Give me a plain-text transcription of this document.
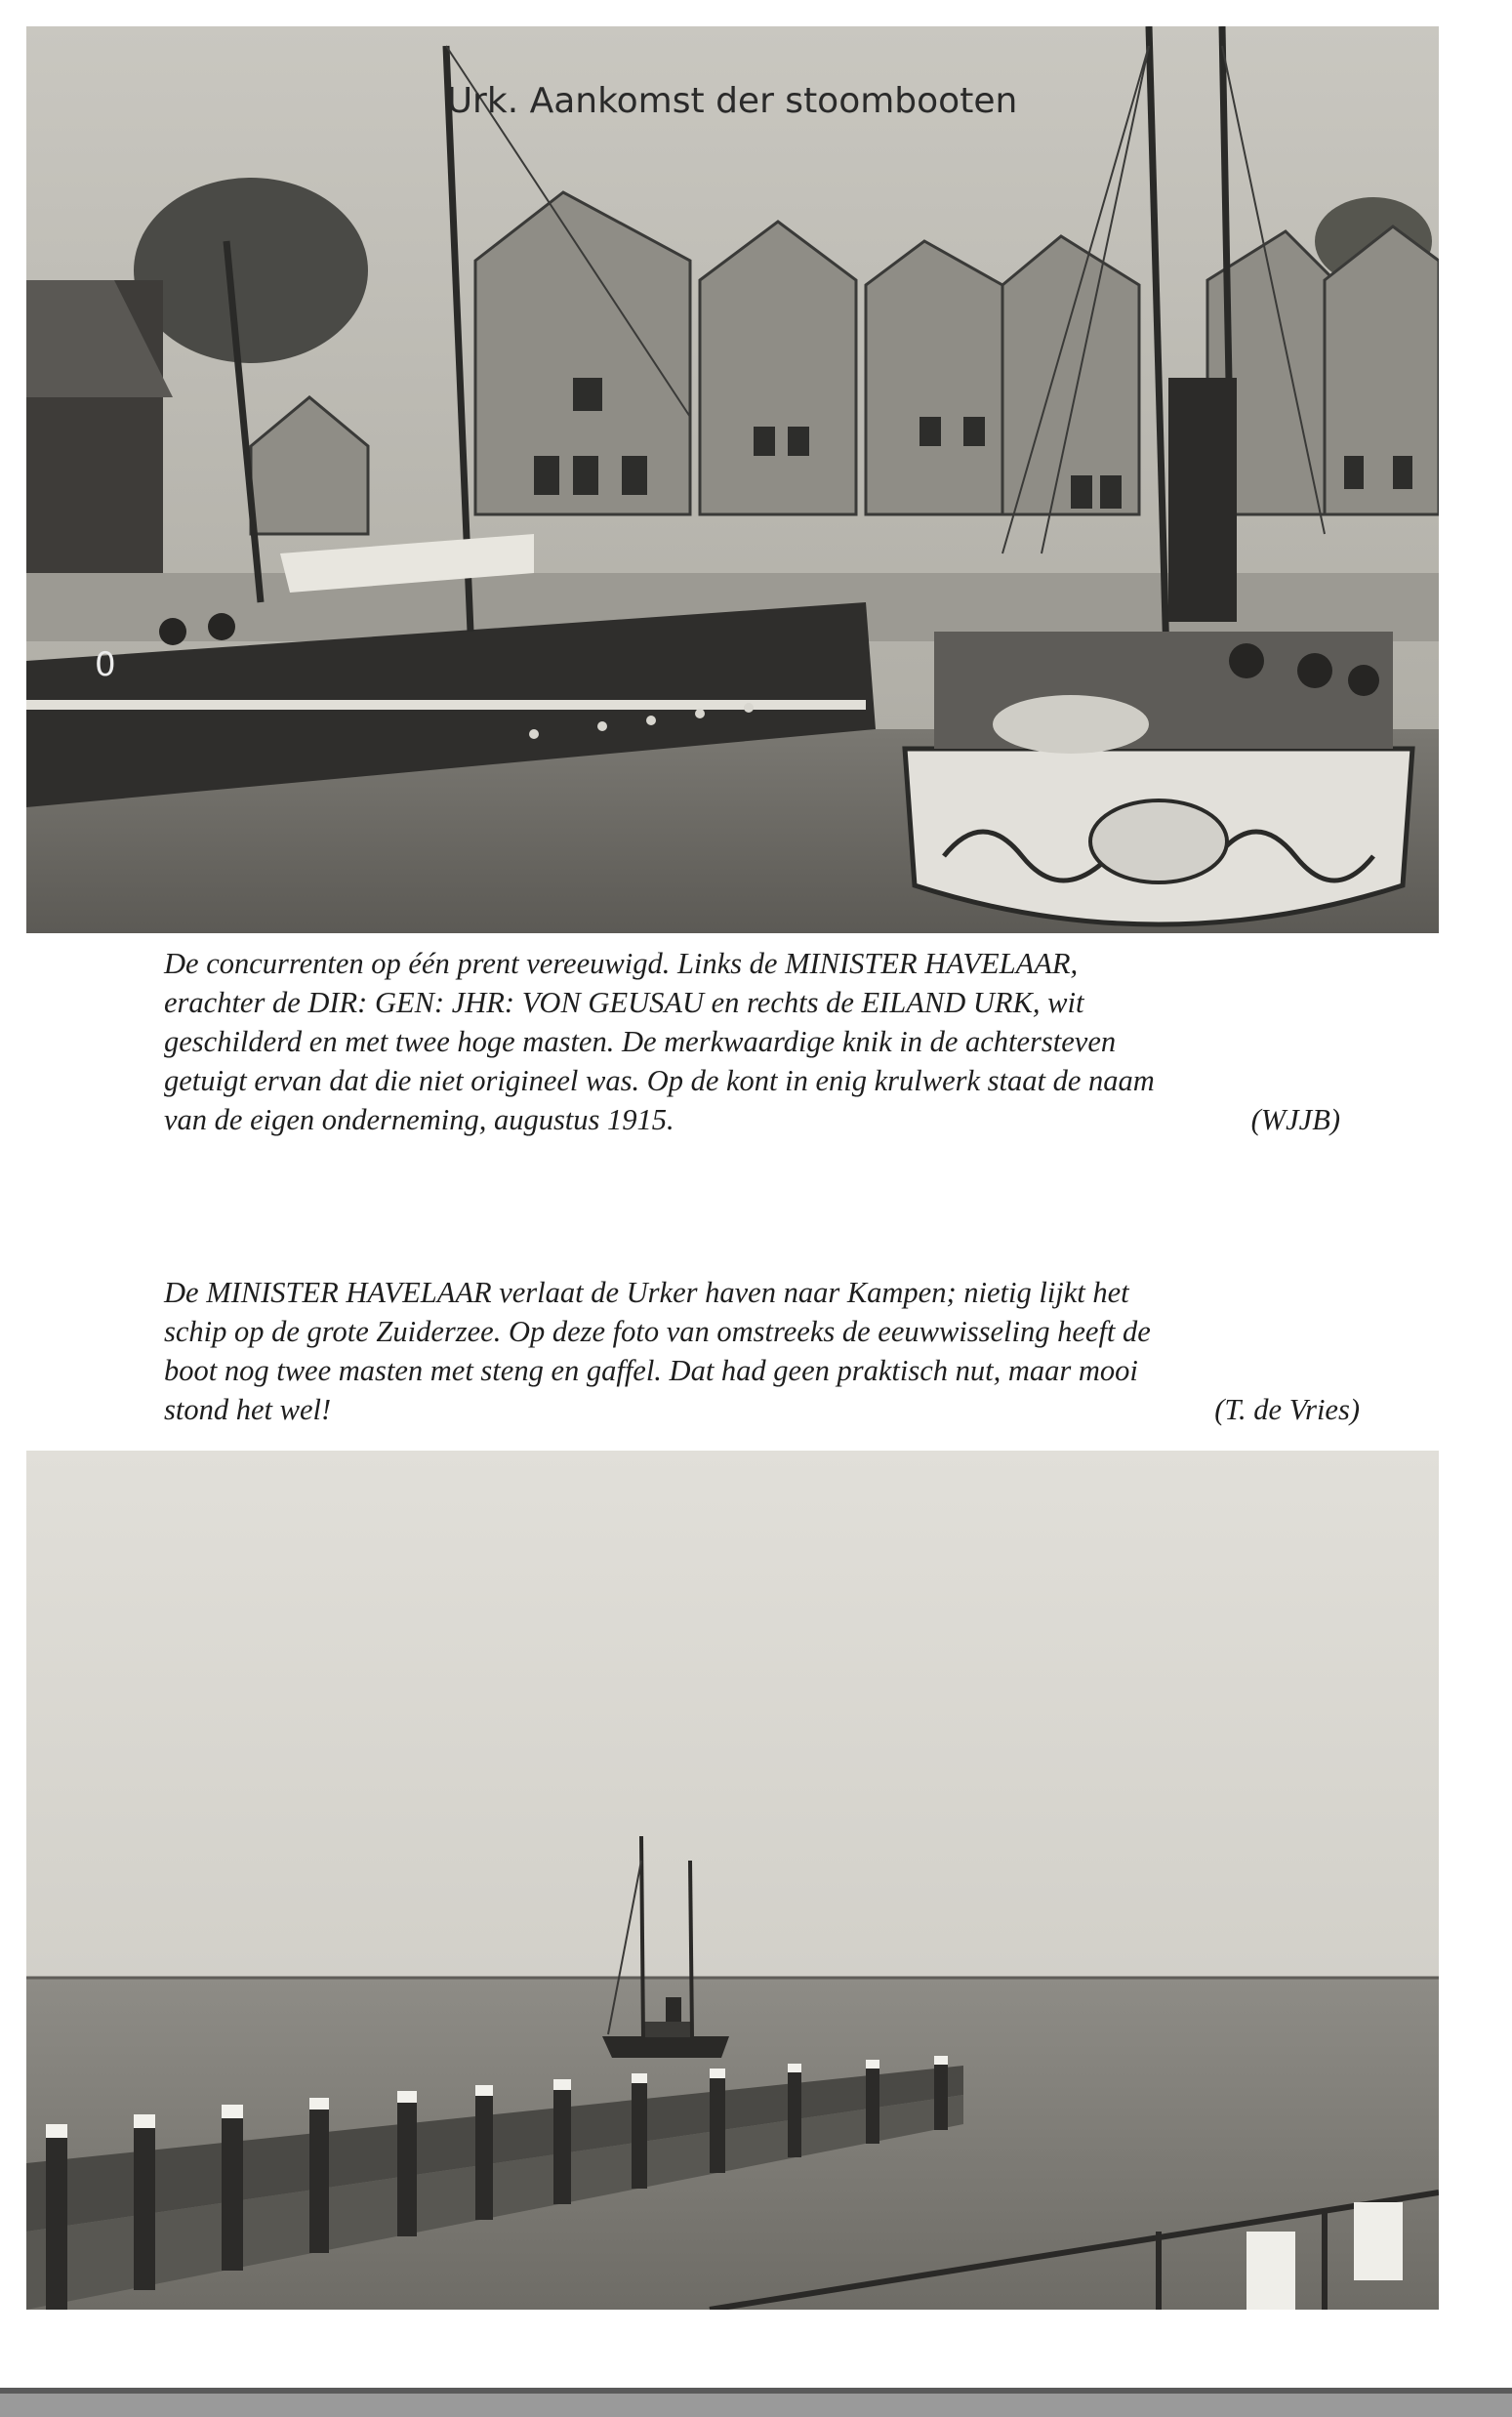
0
Urk. Aankomst der stoombooten

De concurrenten op één prent vereeuwigd. Links de MINISTER HAVELAAR,

erachter de DIR: GEN: JHR: VON GEUSAU en rechts de EILAND URK, wit

geschilderd en met twee hoge masten. De merkwaardige knik in de achtersteven

getuigt ervan dat die niet origineel was. Op de kont in enig krulwerk staat de naam

van de eigen onderneming, augustus 1915.	(WJJB)

De MINISTER HAVELAAR verlaat de Urker haven naar Kampen; nietig lijkt het

schip op de grote Zuiderzee. Op deze foto van omstreeks de eeuwwisseling heeft de

boot nog twee masten met steng en gaffel. Dat had geen praktisch nut, maar mooi

stond het wel!	(T. de Vries)
